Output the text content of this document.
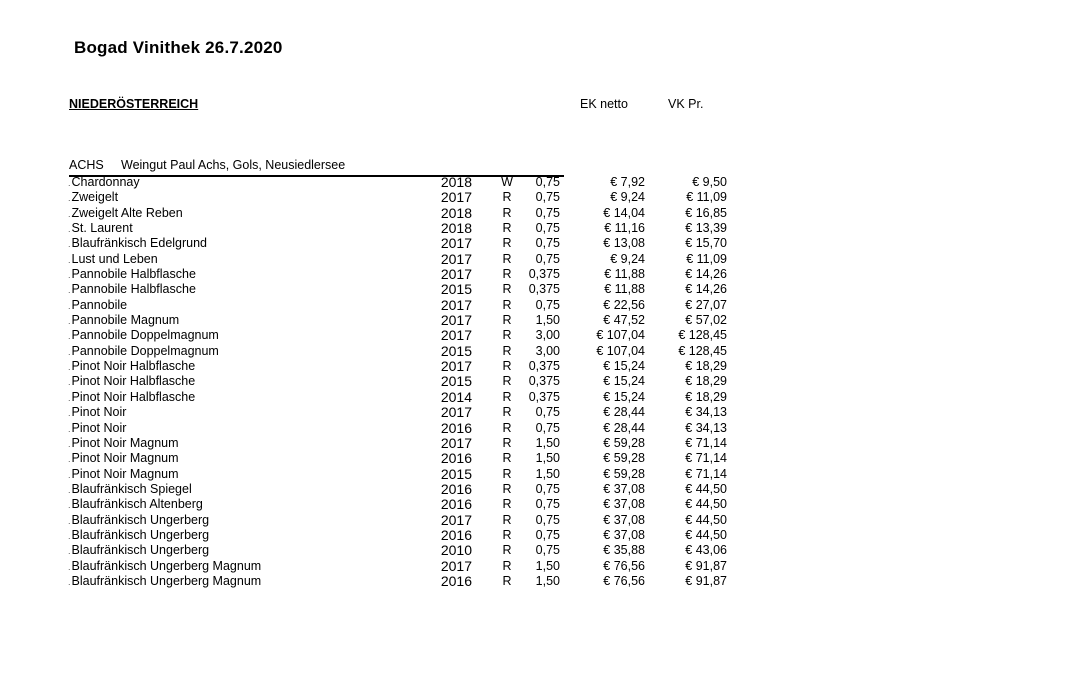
Bogad Vinithek 26.7.2020
NIEDERÖSTERREICH	EK netto	VK Pr.
ACHS Weingut Paul Achs, Gols, Neusiedlersee
. Chardonnay	2018	W	0,75	€ 7,92	€ 9,50
. Zweigelt	2017	R	0,75	€ 9,24	€ 11,09
. Zweigelt Alte Reben	2018	R	0,75	€ 14,04	€ 16,85
. St. Laurent	2018	R	0,75	€ 11,16	€ 13,39
. Blaufränkisch Edelgrund	2017	R	0,75	€ 13,08	€ 15,70
. Lust und Leben	2017	R	0,75	€ 9,24	€ 11,09
. Pannobile Halbflasche	2017	R	0,375	€ 11,88	€ 14,26
. Pannobile Halbflasche	2015	R	0,375	€ 11,88	€ 14,26
. Pannobile	2017	R	0,75	€ 22,56	€ 27,07
. Pannobile Magnum	2017	R	1,50	€ 47,52	€ 57,02
. Pannobile Doppelmagnum	2017	R	3,00	€ 107,04	€ 128,45
. Pannobile Doppelmagnum	2015	R	3,00	€ 107,04	€ 128,45
. Pinot Noir Halbflasche	2017	R	0,375	€ 15,24	€ 18,29
. Pinot Noir Halbflasche	2015	R	0,375	€ 15,24	€ 18,29
. Pinot Noir Halbflasche	2014	R	0,375	€ 15,24	€ 18,29
. Pinot Noir	2017	R	0,75	€ 28,44	€ 34,13
. Pinot Noir	2016	R	0,75	€ 28,44	€ 34,13
. Pinot Noir Magnum	2017	R	1,50	€ 59,28	€ 71,14
. Pinot Noir Magnum	2016	R	1,50	€ 59,28	€ 71,14
. Pinot Noir Magnum	2015	R	1,50	€ 59,28	€ 71,14
. Blaufränkisch Spiegel	2016	R	0,75	€ 37,08	€ 44,50
. Blaufränkisch Altenberg	2016	R	0,75	€ 37,08	€ 44,50
. Blaufränkisch Ungerberg	2017	R	0,75	€ 37,08	€ 44,50
. Blaufränkisch Ungerberg	2016	R	0,75	€ 37,08	€ 44,50
. Blaufränkisch Ungerberg	2010	R	0,75	€ 35,88	€ 43,06
. Blaufränkisch Ungerberg Magnum	2017	R	1,50	€ 76,56	€ 91,87
. Blaufränkisch Ungerberg Magnum	2016	R	1,50	€ 76,56	€ 91,87
